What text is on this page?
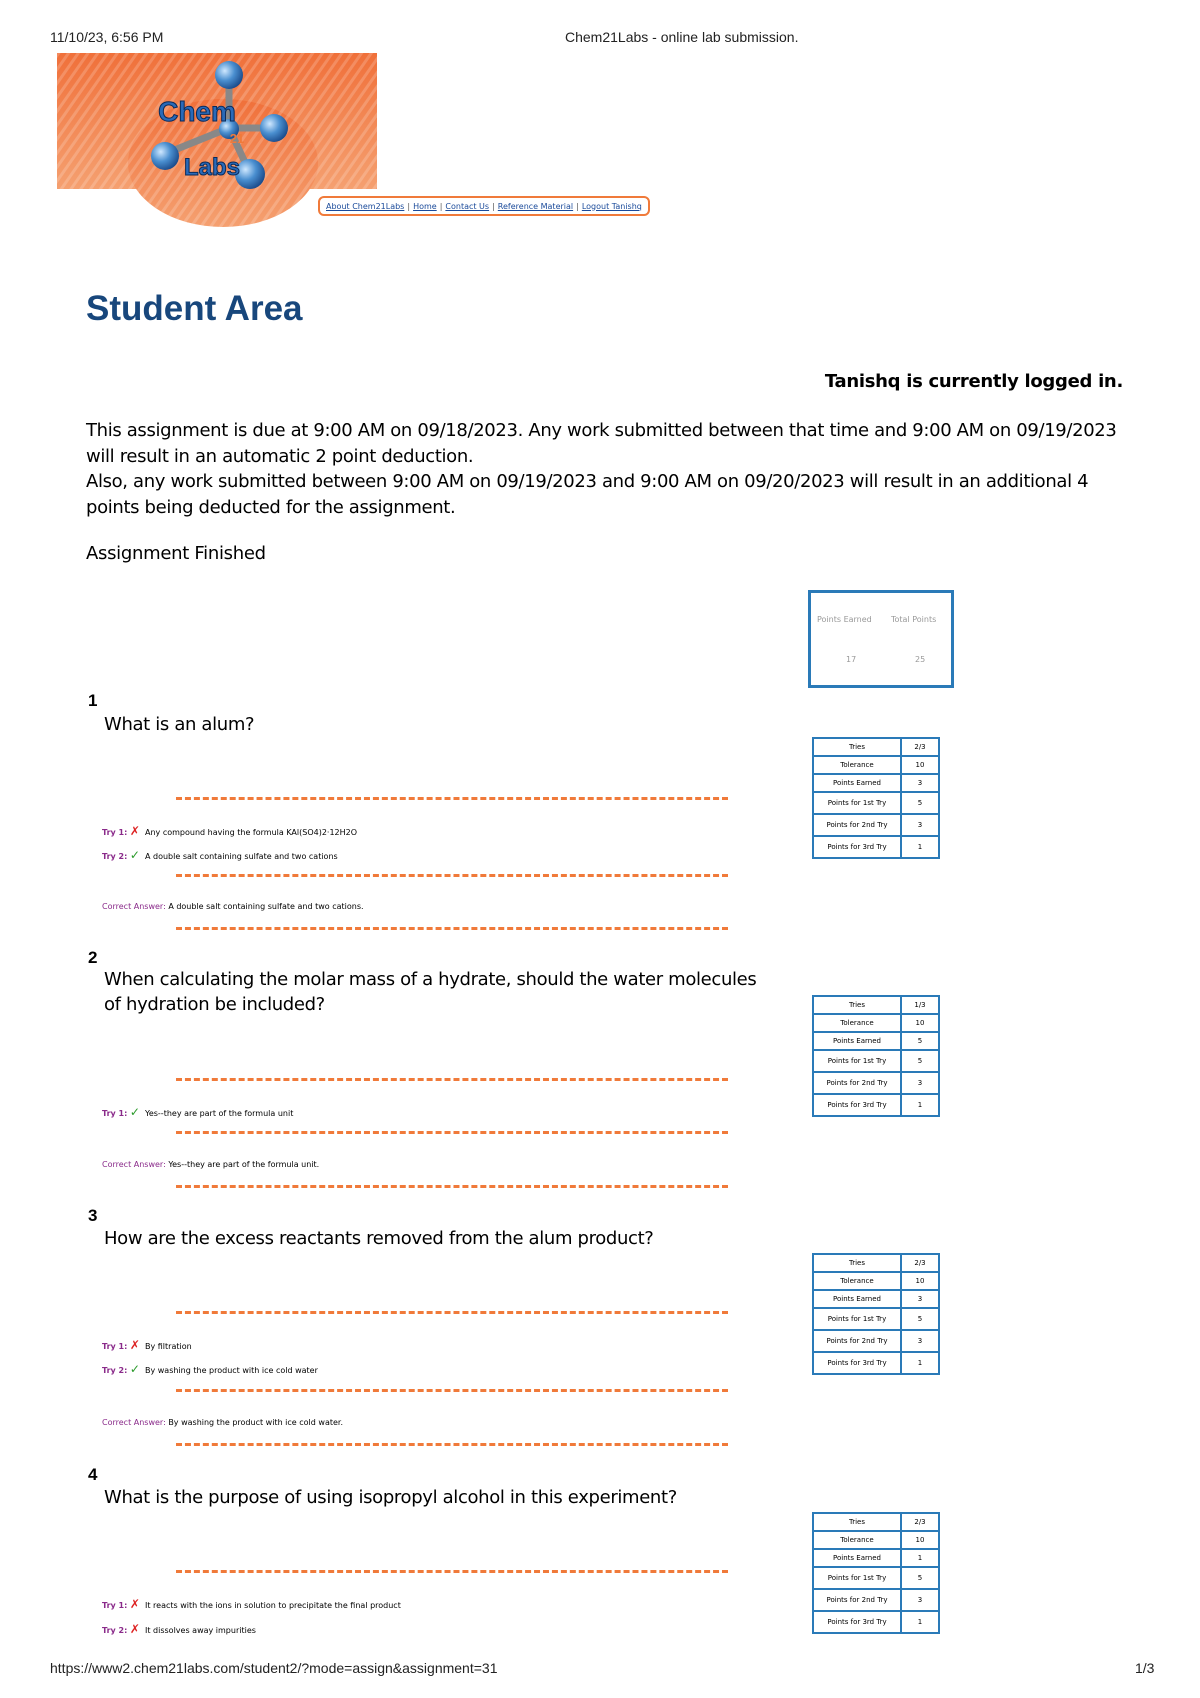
11/10/23, 6:56 PM	Chem21Labs - online lab submission.
Chem
21
Labs
About Chem21Labs | Home | Contact Us | Reference Material | Logout Tanishq
Student Area
Tanishq is currently logged in.
This assignment is due at 9:00 AM on 09/18/2023. Any work submitted between that time and 9:00 AM on 09/19/2023 will result in an automatic 2 point deduction.
Also, any work submitted between 9:00 AM on 09/19/2023 and 9:00 AM on 09/20/2023 will result in an additional 4 points being deducted for the assignment.
Assignment Finished
Points Earned Total Points
17	25
1
What is an alum?
Try 1: ✗ Any compound having the formula KAl(SO4)2·12H2O
Try 2: ✓ A double salt containing sulfate and two cations
Correct Answer: A double salt containing sulfate and two cations.
Tries	2/3
Tolerance	10
Points Earned	3
Points for 1st Try	5
Points for 2nd Try	3
Points for 3rd Try	1
2
When calculating the molar mass of a hydrate, should the water molecules of hydration be included?
Try 1: ✓ Yes--they are part of the formula unit
Correct Answer: Yes--they are part of the formula unit.
Tries	1/3
Tolerance	10
Points Earned	5
Points for 1st Try	5
Points for 2nd Try	3
Points for 3rd Try	1
3
How are the excess reactants removed from the alum product?
Try 1: ✗ By filtration
Try 2: ✓ By washing the product with ice cold water
Correct Answer: By washing the product with ice cold water.
Tries	2/3
Tolerance	10
Points Earned	3
Points for 1st Try	5
Points for 2nd Try	3
Points for 3rd Try	1
4
What is the purpose of using isopropyl alcohol in this experiment?
Try 1: ✗ It reacts with the ions in solution to precipitate the final product
Try 2: ✗ It dissolves away impurities
Tries	2/3
Tolerance	10
Points Earned	1
Points for 1st Try	5
Points for 2nd Try	3
Points for 3rd Try	1
https://www2.chem21labs.com/student2/?mode=assign&assignment=31	1/3
